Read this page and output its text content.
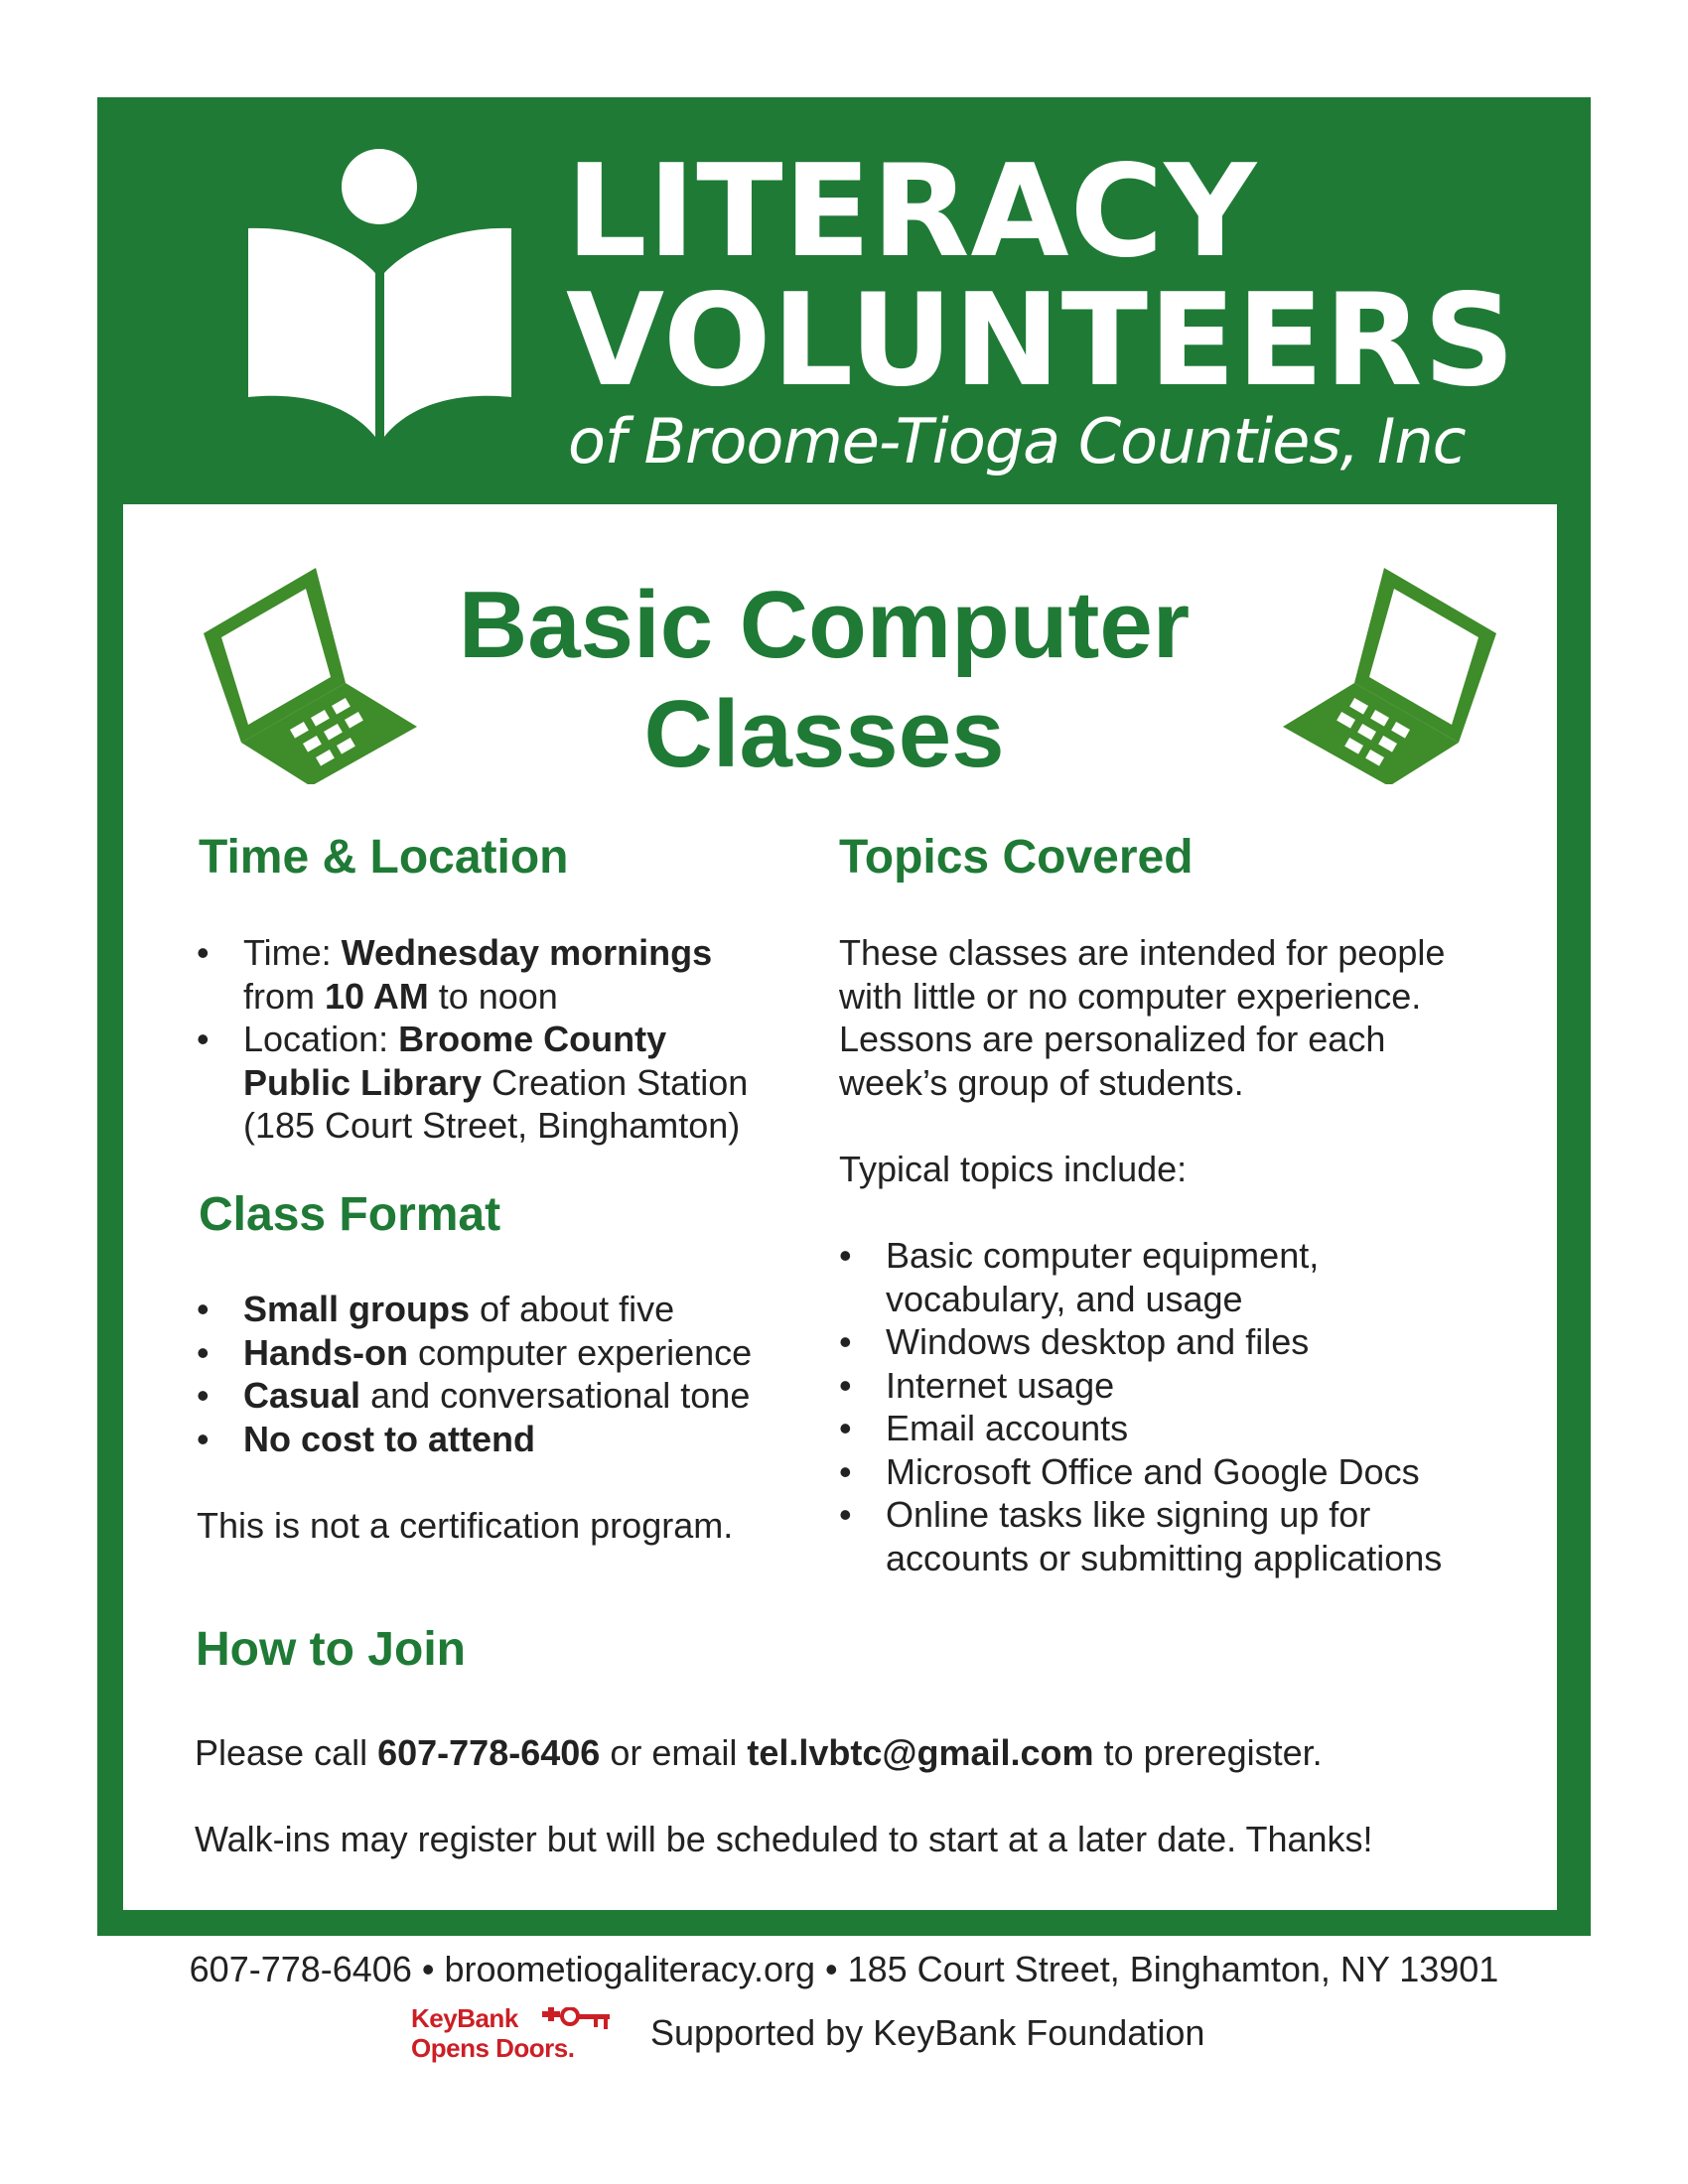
LITERACY
VOLUNTEERS
of Broome-Tioga Counties, Inc
Basic Computer
Classes
Time & Location
• Time: Wednesday mornings
from 10 AM to noon
• Location: Broome County
Public Library Creation Station
(185 Court Street, Binghamton)
Class Format
• Small groups of about five
• Hands-on computer experience
• Casual and conversational tone
• No cost to attend
This is not a certification program.
Topics Covered

These classes are intended for people

with little or no computer experience.

Lessons are personalized for each

week’s group of students.

Typical topics include:
• Basic computer equipment,
vocabulary, and usage
• Windows desktop and files
• Internet usage
• Email accounts
• Microsoft Office and Google Docs
• Online tasks like signing up for
accounts or submitting applications
How to Join
Please call 607-778-6406 or email tel.lvbtc@gmail.com to preregister.
Walk-ins may register but will be scheduled to start at a later date. Thanks!
607-778-6406 • broometiogaliteracy.org • 185 Court Street, Binghamton, NY 13901
KeyBank
Opens Doors. Supported by KeyBank Foundation
